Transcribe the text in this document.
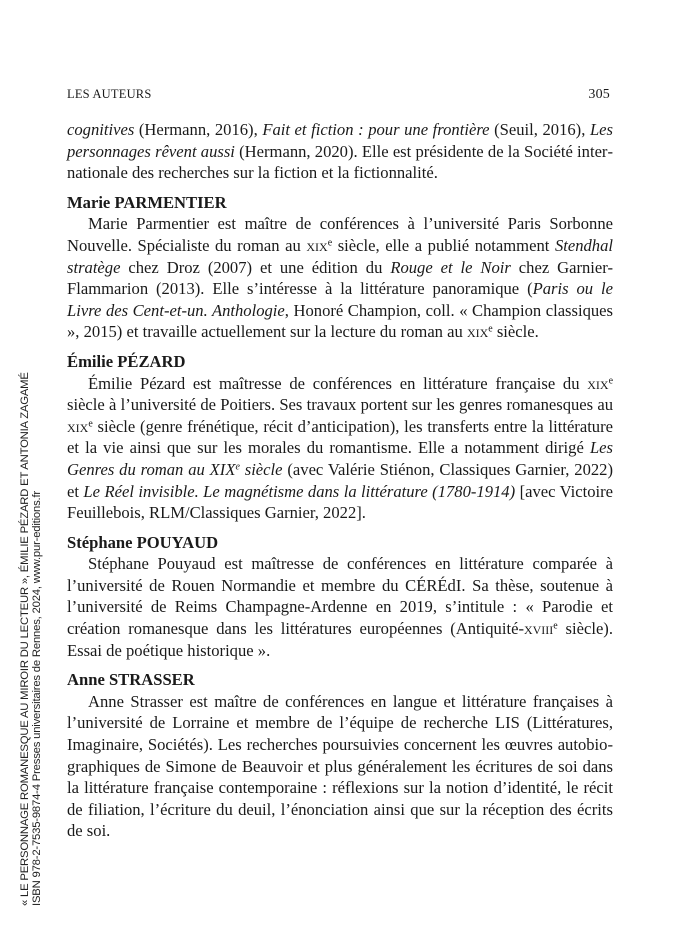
LES AUTEURS	305

cognitives (Hermann, 2016), Fait et fiction : pour une frontière (Seuil, 2016), Les personnages rêvent aussi (Hermann, 2020). Elle est présidente de la Société internationale des recherches sur la fiction et la fictionnalité.

Marie PARMENTIER

Marie Parmentier est maître de conférences à l’université Paris Sorbonne Nouvelle. Spécialiste du roman au xix$^e$ siècle, elle a publié notamment Stendhal stratège chez Droz (2007) et une édition du Rouge et le Noir chez Garnier-Flammarion (2013). Elle s’intéresse à la littérature panoramique (Paris ou le Livre des Cent-et-un. Anthologie, Honoré Champion, coll. « Champion classiques », 2015) et travaille actuellement sur la lecture du roman au xix$^e$ siècle.

Émilie PÉZARD

Émilie Pézard est maîtresse de conférences en littérature française du xix$^e$ siècle à l’université de Poitiers. Ses travaux portent sur les genres romanesques au xix$^e$ siècle (genre frénétique, récit d’anticipation), les transferts entre la littérature et la vie ainsi que sur les morales du romantisme. Elle a notamment dirigé Les Genres du roman au XIXe siècle (avec Valérie Stiénon, Classiques Garnier, 2022) et Le Réel invisible. Le magnétisme dans la littérature (1780-1914) [avec Victoire Feuillebois, RLM/Classiques Garnier, 2022].

Stéphane POUYAUD

Stéphane Pouyaud est maîtresse de conférences en littérature comparée à l’université de Rouen Normandie et membre du CÉRÉdI. Sa thèse, soutenue à l’université de Reims Champagne-Ardenne en 2019, s’intitule : « Parodie et création romanesque dans les littératures européennes (Antiquité-xviii$^e$ siècle). Essai de poétique historique ».

Anne STRASSER

Anne Strasser est maître de conférences en langue et littérature françaises à l’université de Lorraine et membre de l’équipe de recherche LIS (Littératures, Imaginaire, Sociétés). Les recherches poursuivies concernent les œuvres autobiographiques de Simone de Beauvoir et plus généralement les écritures de soi dans la littérature française contemporaine : réflexions sur la notion d’identité, le récit de filiation, l’écriture du deuil, l’énonciation ainsi que sur la réception des écrits de soi.

« LE PERSONNAGE ROMANESQUE AU MIROIR DU LECTEUR », ÉMILIE PÉZARD ET ANTONIA ZAGAMÉ ISBN 978-2-7535-9874-4 Presses universitaires de Rennes, 2024, www.pur-editions.fr
